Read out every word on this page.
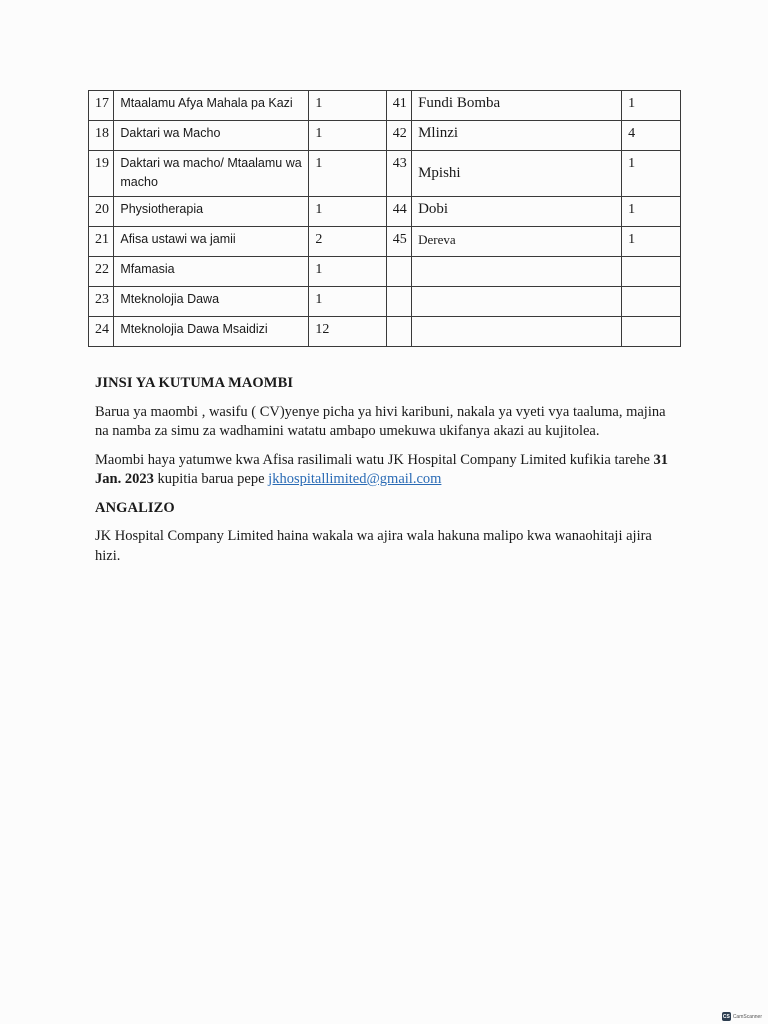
17	Mtaalamu Afya Mahala pa Kazi	1	41	Fundi Bomba	1
18	Daktari wa Macho	1	42	Mlinzi	4
19	Daktari wa macho/ Mtaalamu wa macho	1	43	Mpishi	1
20	Physiotherapia	1	44	Dobi	1
21	Afisa ustawi wa jamii	2	45	Dereva	1
22	Mfamasia	1			
23	Mteknolojia Dawa	1			
24	Mteknolojia Dawa Msaidizi	12			
JINSI YA KUTUMA MAOMBI

Barua ya maombi , wasifu ( CV)yenye picha ya hivi karibuni, nakala ya vyeti vya taaluma, majina na namba za simu za wadhamini watatu ambapo umekuwa ukifanya akazi au kujitolea.

Maombi haya yatumwe kwa Afisa rasilimali watu JK Hospital Company Limited kufikia tarehe 31 Jan. 2023 kupitia barua pepe jkhospitallimited@gmail.com

ANGALIZO

JK Hospital Company Limited haina wakala wa ajira wala hakuna malipo kwa wanaohitaji ajira hizi.

CS CamScanner
